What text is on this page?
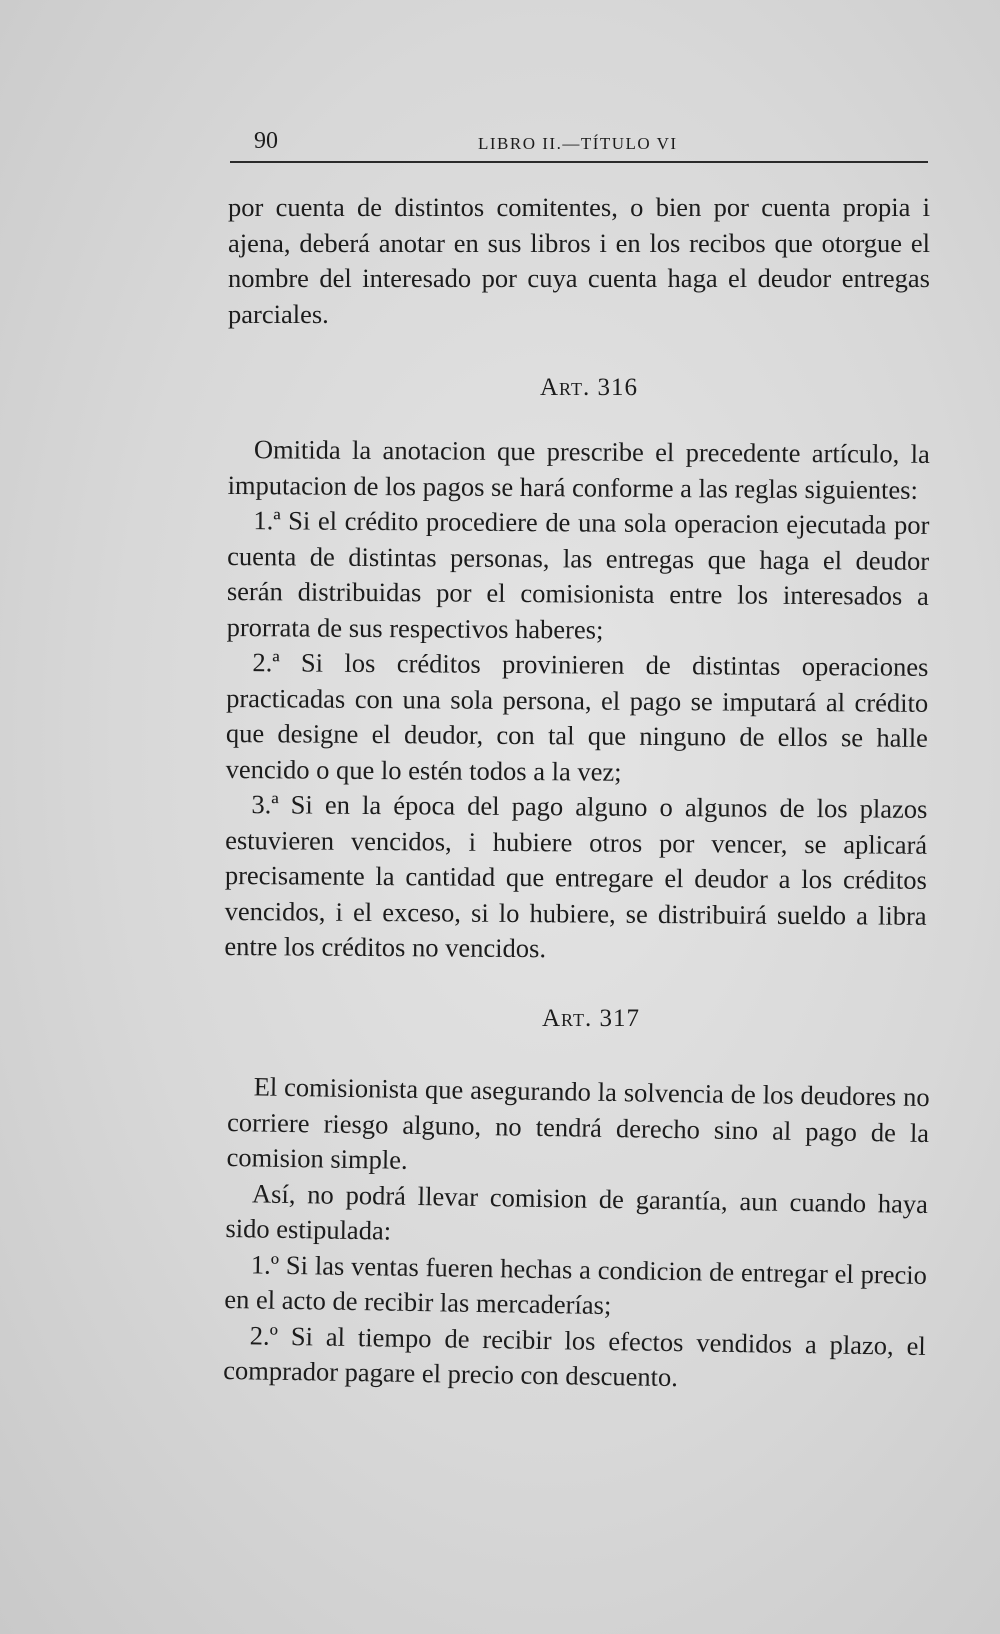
90	LIBRO II.—TÍTULO VI

por cuenta de distintos comitentes, o bien por cuenta propia i ajena, deberá anotar en sus libros i en los recibos que otorgue el nombre del interesado por cuya cuenta haga el deudor entregas parciales.

Art. 316

Omitida la anotacion que prescribe el precedente artículo, la imputacion de los pagos se hará conforme a las reglas siguientes:

1.ª Si el crédito procediere de una sola operacion ejecutada por cuenta de distintas personas, las entregas que haga el deudor serán distribuidas por el comisionista entre los interesados a prorrata de sus respectivos haberes;

2.ª Si los créditos provinieren de distintas operaciones practicadas con una sola persona, el pago se imputará al crédito que designe el deudor, con tal que ninguno de ellos se halle vencido o que lo estén todos a la vez;

3.ª Si en la época del pago alguno o algunos de los plazos estuvieren vencidos, i hubiere otros por vencer, se aplicará precisamente la cantidad que entregare el deudor a los créditos vencidos, i el exceso, si lo hubiere, se distribuirá sueldo a libra entre los créditos no vencidos.

Art. 317

El comisionista que asegurando la solvencia de los deudores no corriere riesgo alguno, no tendrá derecho sino al pago de la comision simple.

Así, no podrá llevar comision de garantía, aun cuando haya sido estipulada:

1.º Si las ventas fueren hechas a condicion de entregar el precio en el acto de recibir las mercaderías;

2.º Si al tiempo de recibir los efectos vendidos a plazo, el comprador pagare el precio con descuento.
